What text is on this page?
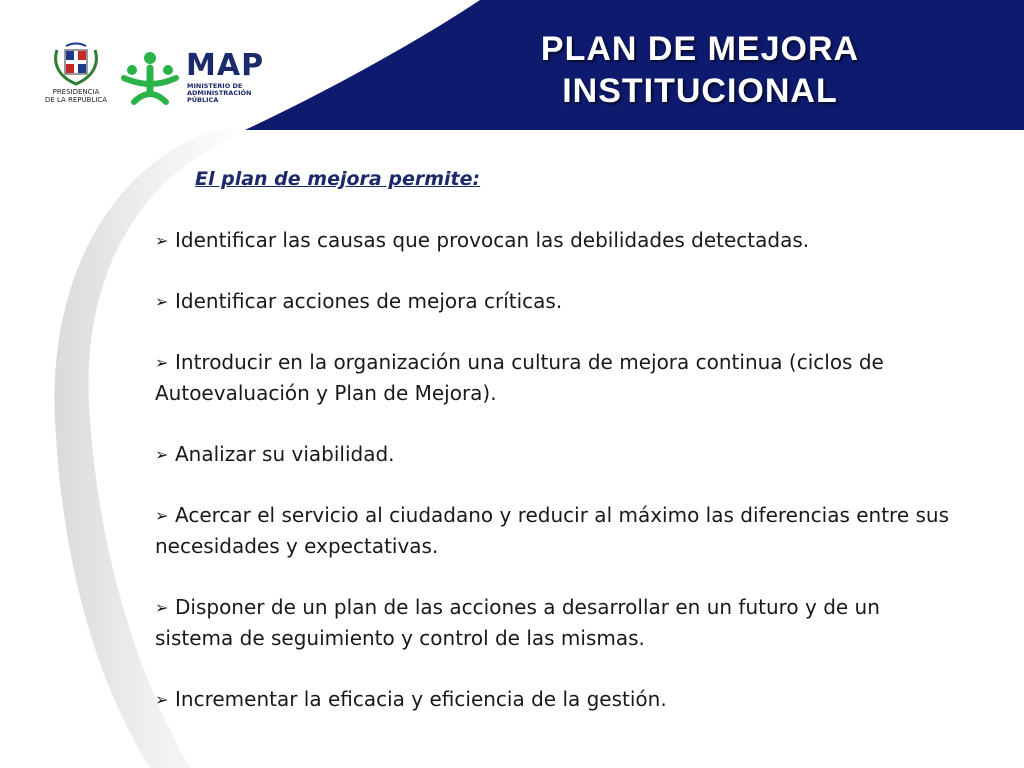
PRESIDENCIA
DE LA REPÚBLICA
MAP
MINISTERIO DE
ADMINISTRACIÓN
PÚBLICA
PLAN DE MEJORA
INSTITUCIONAL
El plan de mejora permite:
➢ Identificar las causas que provocan las debilidades detectadas.
➢ Identificar acciones de mejora críticas.
➢ Introducir en la organización una cultura de mejora continua (ciclos de Autoevaluación y Plan de Mejora).
➢ Analizar su viabilidad.
➢ Acercar el servicio al ciudadano y reducir al máximo las diferencias entre sus necesidades y expectativas.
➢ Disponer de un plan de las acciones a desarrollar en un futuro y de un sistema de seguimiento y control de las mismas.
➢ Incrementar la eficacia y eficiencia de la gestión.
